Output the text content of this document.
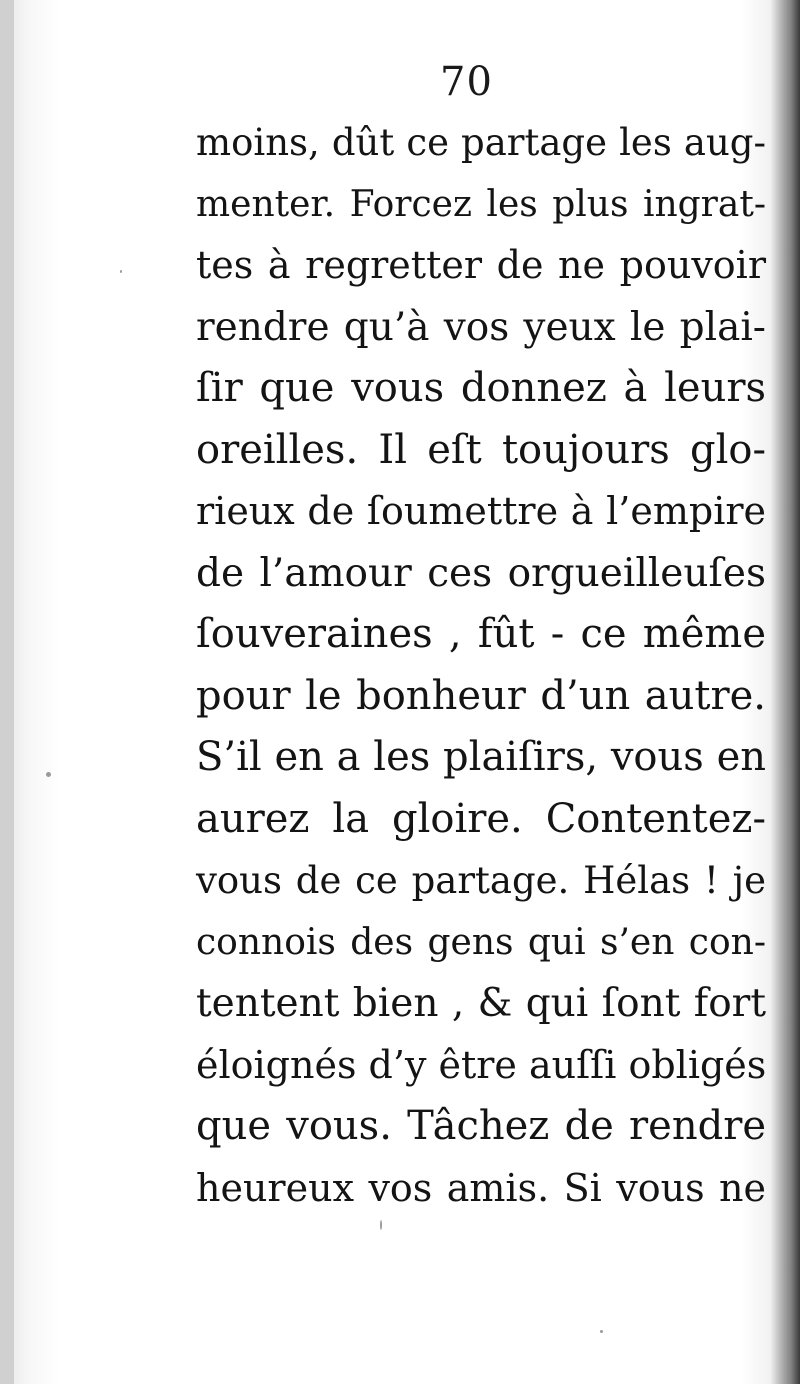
70
moins, dût ce partage les aug-
menter. Forcez les plus ingrat-
tes à regretter de ne pouvoir
rendre qu’à vos yeux le plai-
ſir que vous donnez à leurs
oreilles. Il eſt toujours glo-
rieux de ſoumettre à l’empire
de l’amour ces orgueilleuſes
ſouveraines , fût - ce même
pour le bonheur d’un autre.
S’il en a les plaiſirs, vous en
aurez la gloire. Contentez-
vous de ce partage. Hélas ! je
connois des gens qui s’en con-
tentent bien , & qui ſont fort
éloignés d’y être auſſi obligés
que vous. Tâchez de rendre
heureux vos amis. Si vous ne
